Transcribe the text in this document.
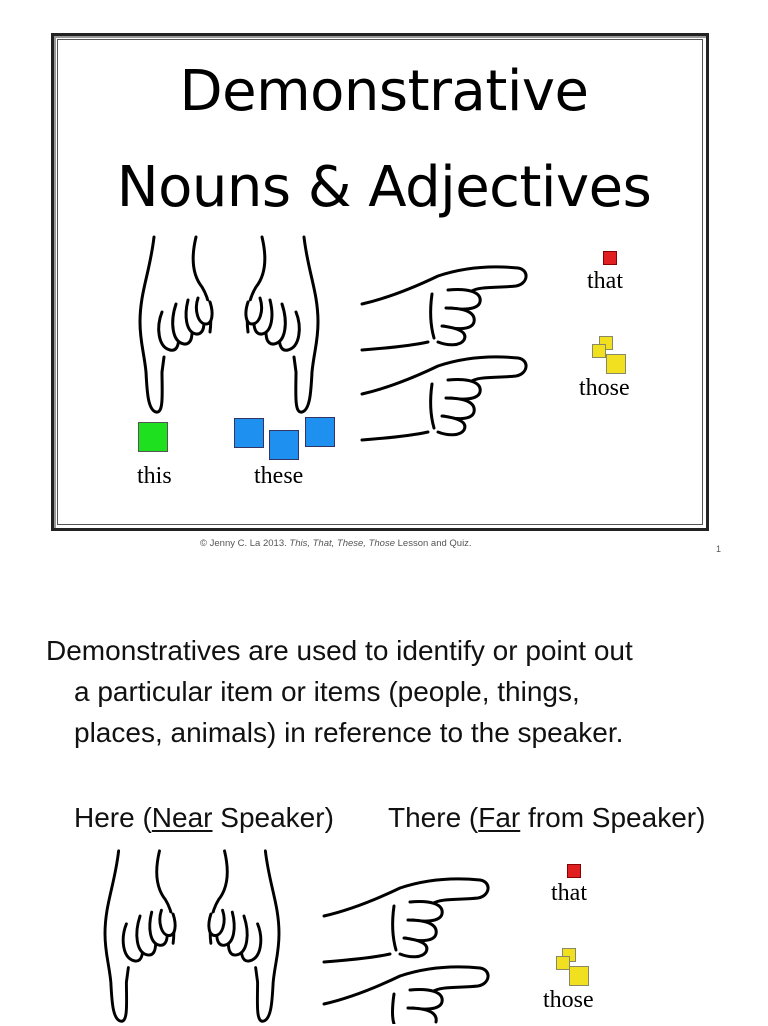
Demonstrative
Nouns & Adjectives
this	these
that
those
© Jenny C. La 2013. This, That, These, Those Lesson and Quiz.	1
Demonstratives are used to identify or point out
a particular item or items (people, things,
places, animals) in reference to the speaker.
Here (Near Speaker) There (Far from Speaker)
that
those
